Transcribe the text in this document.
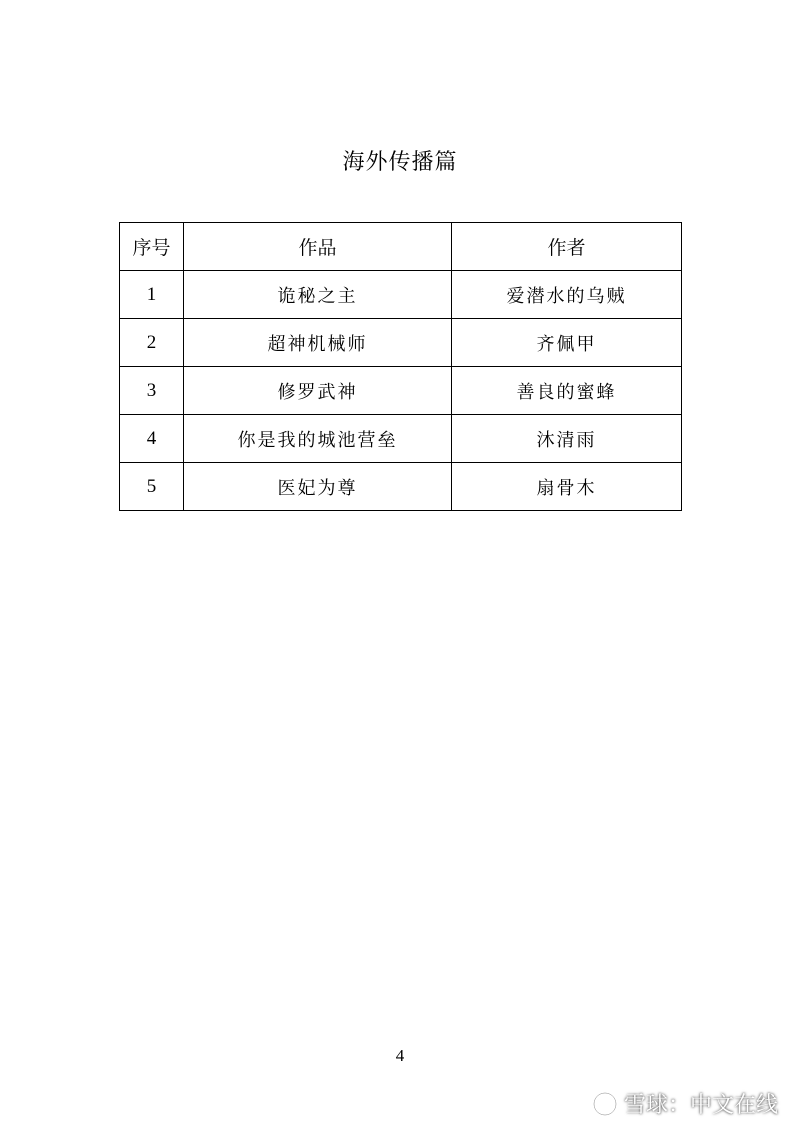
海外传播篇
序号	作品	作者
1	诡秘之主	爱潜水的乌贼
2	超神机械师	齐佩甲
3	修罗武神	善良的蜜蜂
4	你是我的城池营垒	沐清雨
5	医妃为尊	扇骨木
4
雪球：中文在线
